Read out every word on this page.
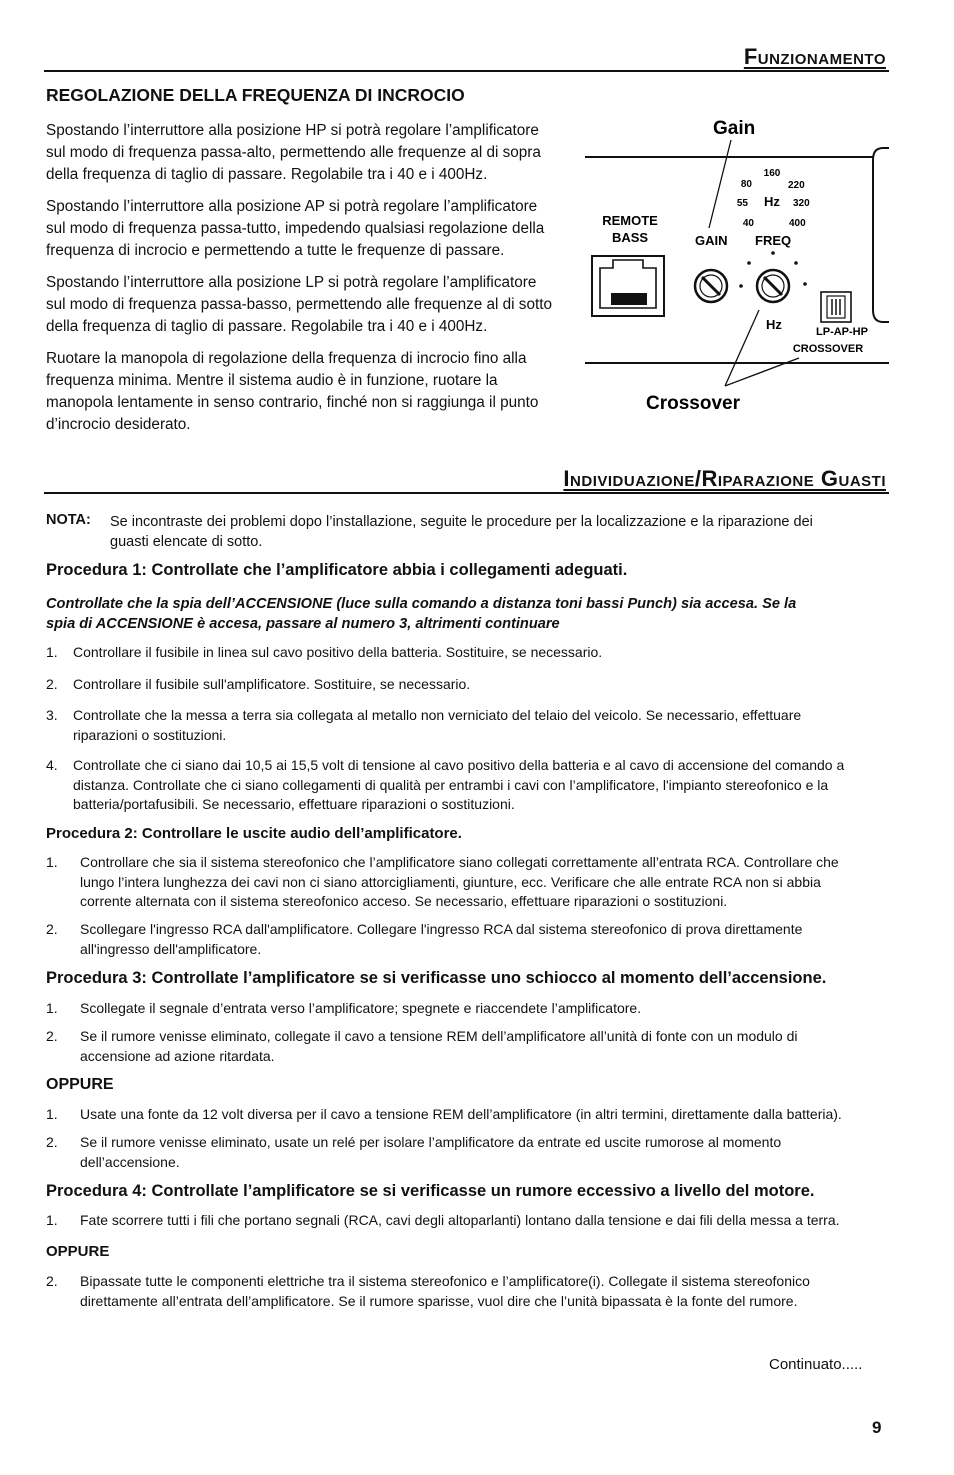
Funzionamento
REGOLAZIONE DELLA FREQUENZA DI INCROCIO

Spostando l’interruttore alla posizione HP si potrà regolare l’amplificatore
sul modo di frequenza passa-alto, permettendo alle frequenze al di sopra
della frequenza di taglio di passare. Regolabile tra i 40 e i 400Hz.

Spostando l’interruttore alla posizione AP si potrà regolare l’amplificatore
sul modo di frequenza passa-tutto, impedendo qualsiasi regolazione della
frequenza di incrocio e permettendo a tutte le frequenze di passare.

Spostando l’interruttore alla posizione LP si potrà regolare l’amplificatore
sul modo di frequenza passa-basso, permettendo alle frequenze al di sotto
della frequenza di taglio di passare. Regolabile tra i 40 e i 400Hz.

Ruotare la manopola di regolazione della frequenza di incrocio fino alla
frequenza minima. Mentre il sistema audio è in funzione, ruotare la
manopola lentamente in senso contrario, finché non si raggiunga il punto
d’incrocio desiderato.

Gain
Crossover
REMOTE
BASS	GAIN
160
80	220
55 Hz 320
40	400
FREQ
Hz	LP-AP-HP
CROSSOVER
Individuazione/Riparazione Guasti
NOTA: Se incontraste dei problemi dopo l’installazione, seguite le procedure per la localizzazione e la riparazione dei
guasti elencate di sotto.
Procedura 1: Controllate che l’amplificatore abbia i collegamenti adeguati.
Controllate che la spia dell’ACCENSIONE (luce sulla comando a distanza toni bassi Punch) sia accesa. Se la
spia di ACCENSIONE è accesa, passare al numero 3, altrimenti continuare
1. Controllare il fusibile in linea sul cavo positivo della batteria. Sostituire, se necessario.
2. Controllare il fusibile sull'amplificatore. Sostituire, se necessario.
3. Controllate che la messa a terra sia collegata al metallo non verniciato del telaio del veicolo. Se necessario, effettuare
riparazioni o sostituzioni.
4. Controllate che ci siano dai 10,5 ai 15,5 volt di tensione al cavo positivo della batteria e al cavo di accensione del comando a
distanza. Controllate che ci siano collegamenti di qualità per entrambi i cavi con l’amplificatore, l'impianto stereofonico e la
batteria/portafusibili. Se necessario, effettuare riparazioni o sostituzioni.
Procedura 2: Controllare le uscite audio dell’amplificatore.
1. Controllare che sia il sistema stereofonico che l’amplificatore siano collegati correttamente all’entrata RCA. Controllare che
lungo l’intera lunghezza dei cavi non ci siano attorcigliamenti, giunture, ecc. Verificare che alle entrate RCA non si abbia
corrente alternata con il sistema stereofonico acceso. Se necessario, effettuare riparazioni o sostituzioni.
2. Scollegare l'ingresso RCA dall'amplificatore. Collegare l'ingresso RCA dal sistema stereofonico di prova direttamente
all'ingresso dell'amplificatore.
Procedura 3: Controllate l’amplificatore se si verificasse uno schiocco al momento dell’accensione.
1. Scollegate il segnale d’entrata verso l’amplificatore; spegnete e riaccendete l’amplificatore.
2. Se il rumore venisse eliminato, collegate il cavo a tensione REM dell’amplificatore all’unità di fonte con un modulo di
accensione ad azione ritardata.
OPPURE
1. Usate una fonte da 12 volt diversa per il cavo a tensione REM dell’amplificatore (in altri termini, direttamente dalla batteria).
2. Se il rumore venisse eliminato, usate un relé per isolare l’amplificatore da entrate ed uscite rumorose al momento
dell’accensione.
Procedura 4: Controllate l’amplificatore se si verificasse un rumore eccessivo a livello del motore.
1. Fate scorrere tutti i fili che portano segnali (RCA, cavi degli altoparlanti) lontano dalla tensione e dai fili della messa a terra.
OPPURE
2. Bipassate tutte le componenti elettriche tra il sistema stereofonico e l’amplificatore(i). Collegate il sistema stereofonico
direttamente all’entrata dell’amplificatore. Se il rumore sparisse, vuol dire che l’unità bipassata è la fonte del rumore.
Continuato.....
9
